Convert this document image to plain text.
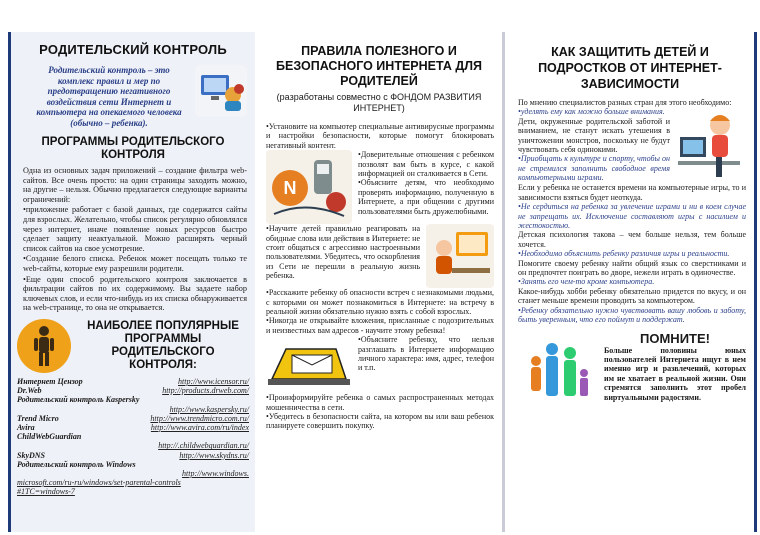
РОДИТЕЛЬСКИЙ КОНТРОЛЬ

Родительский контроль – это комплекс правил и мер по предотвращению негативного воздействия сети Интернет и компьютера на опекаемого человека (обычно – ребенка).

ПРОГРАММЫ РОДИТЕЛЬСКОГО КОНТРОЛЯ

Одна из основных задач приложений – создание фильтра web-сайтов. Все очень просто: на один страницы заходить можно, на другие – нельзя. Обычно предлагается следующие варианты ограничений:

• приложение работает с базой данных, где содержатся сайты для взрослых. Желательно, чтобы список регулярно обновлялся через интернет, иначе появление новых ресурсов быстро сделает защиту неактуальной. Можно расширять черный список сайтов на свое усмотрение.

• Создание белого списка. Ребенок может посещать только те web-сайты, которые ему разрешили родители.

• Еще один способ родительского контроля заключается в фильтрации сайтов по их содержимому. Вы задаете набор ключевых слов, и если что-нибудь из их списка обнаруживается на web-странице, то она не открывается.

НАИБОЛЕЕ ПОПУЛЯРНЫЕ ПРОГРАММЫ РОДИТЕЛЬСКОГО КОНТРОЛЯ:
Интернет Цензор	http://www.icensor.ru/
Dr.Web	http://products.drweb.com/
Родительский контроль Kaspersky
http://www.kaspersky.ru/
Trend Micro	http://www.trendmicro.com.ru/
Avira	http://www.avira.com/ru/index
ChildWebGuardian
http://.childwebguardian.ru/
SkyDNS	http://www.skydns.ru/
Родительский контроль Windows
http://www.windows.
microsoft.com/ru-ru/windows/set-parental-controls
#1TC=windows-7
ПРАВИЛА ПОЛЕЗНОГО И БЕЗОПАСНОГО ИНТЕРНЕТА ДЛЯ РОДИТЕЛЕЙ
(разработаны совместно с ФОНДОМ РАЗВИТИЯ ИНТЕРНЕТ)

• Установите на компьютер специальные антивирусные программы и настройки безопасности, которые помогут блокировать негативный контент.

N

• Доверительные отношения с ребенком позволят вам быть в курсе, с какой информацией он сталкивается в Сети.

• Объясните детям, что необходимо проверять информацию, полученную в Интернете, а при общении с другими пользователями быть дружелюбными.

• Научите детей правильно реагировать на обидные слова или действия в Интернете: не стоит общаться с агрессивно настроенными пользователями. Убедитесь, что оскорбления из Сети не перешли в реальную жизнь ребенка.

• Расскажите ребенку об опасности встреч с незнакомыми людьми, с которыми он может познакомиться в Интернете: на встречу в реальной жизни обязательно нужно взять с собой взрослых.

• Никогда не открывайте вложения, присланные с подозрительных и неизвестных вам адресов - научите этому ребенка!

• Объясните ребенку, что нельзя разглашать в Интернете информацию личного характера: имя, адрес, телефон и т.п.

• Проинформируйте ребенка о самых распространенных методах мошенничества в сети.

• Убедитесь в безопасности сайта, на котором вы или ваш ребенок планируете совершить покупку.

КАК ЗАЩИТИТЬ ДЕТЕЙ И ПОДРОСТКОВ ОТ ИНТЕРНЕТ-ЗАВИСИМОСТИ

По мнению специалистов разных стран для этого необходимо:

• уделять ему как можно больше внимания.

Дети, окруженные родительской заботой и вниманием, не станут искать утешения в уничтожении монстров, поскольку не будут чувствовать себя одинокими.

• Приобщать к культуре и спорту, чтобы он не стремился заполнить свободное время компьютерными играми.

Если у ребенка не останется времени на компьютерные игры, то и зависимости взяться будет неоткуда.

• Не сердиться на ребенка за увлечение играми и ни в коем случае не запрещать их. Исключение составляют игры с насилием и жестокостью.

Детская психология такова – чем больше нельзя, тем больше хочется.

• Необходимо объяснить ребенку различия игры и реальности.

Помогите своему ребенку найти общий язык со сверстниками и он предпочтет поиграть во дворе, нежели играть в одиночестве.

• Занять его чем-то кроме компьютера.

Какое-нибудь хобби ребенку обязательно придется по вкусу, и он станет меньше времени проводить за компьютером.

• Ребенку обязательно нужно чувствовать вашу любовь и заботу, быть уверенным, что его поймут и поддержат.

ПОМНИТЕ!

Больше половины юных пользователей Интернета ищут в нем именно игр и развлечений, которых им не хватает в реальной жизни. Они стремятся заполнить этот пробел виртуальными радостями.
